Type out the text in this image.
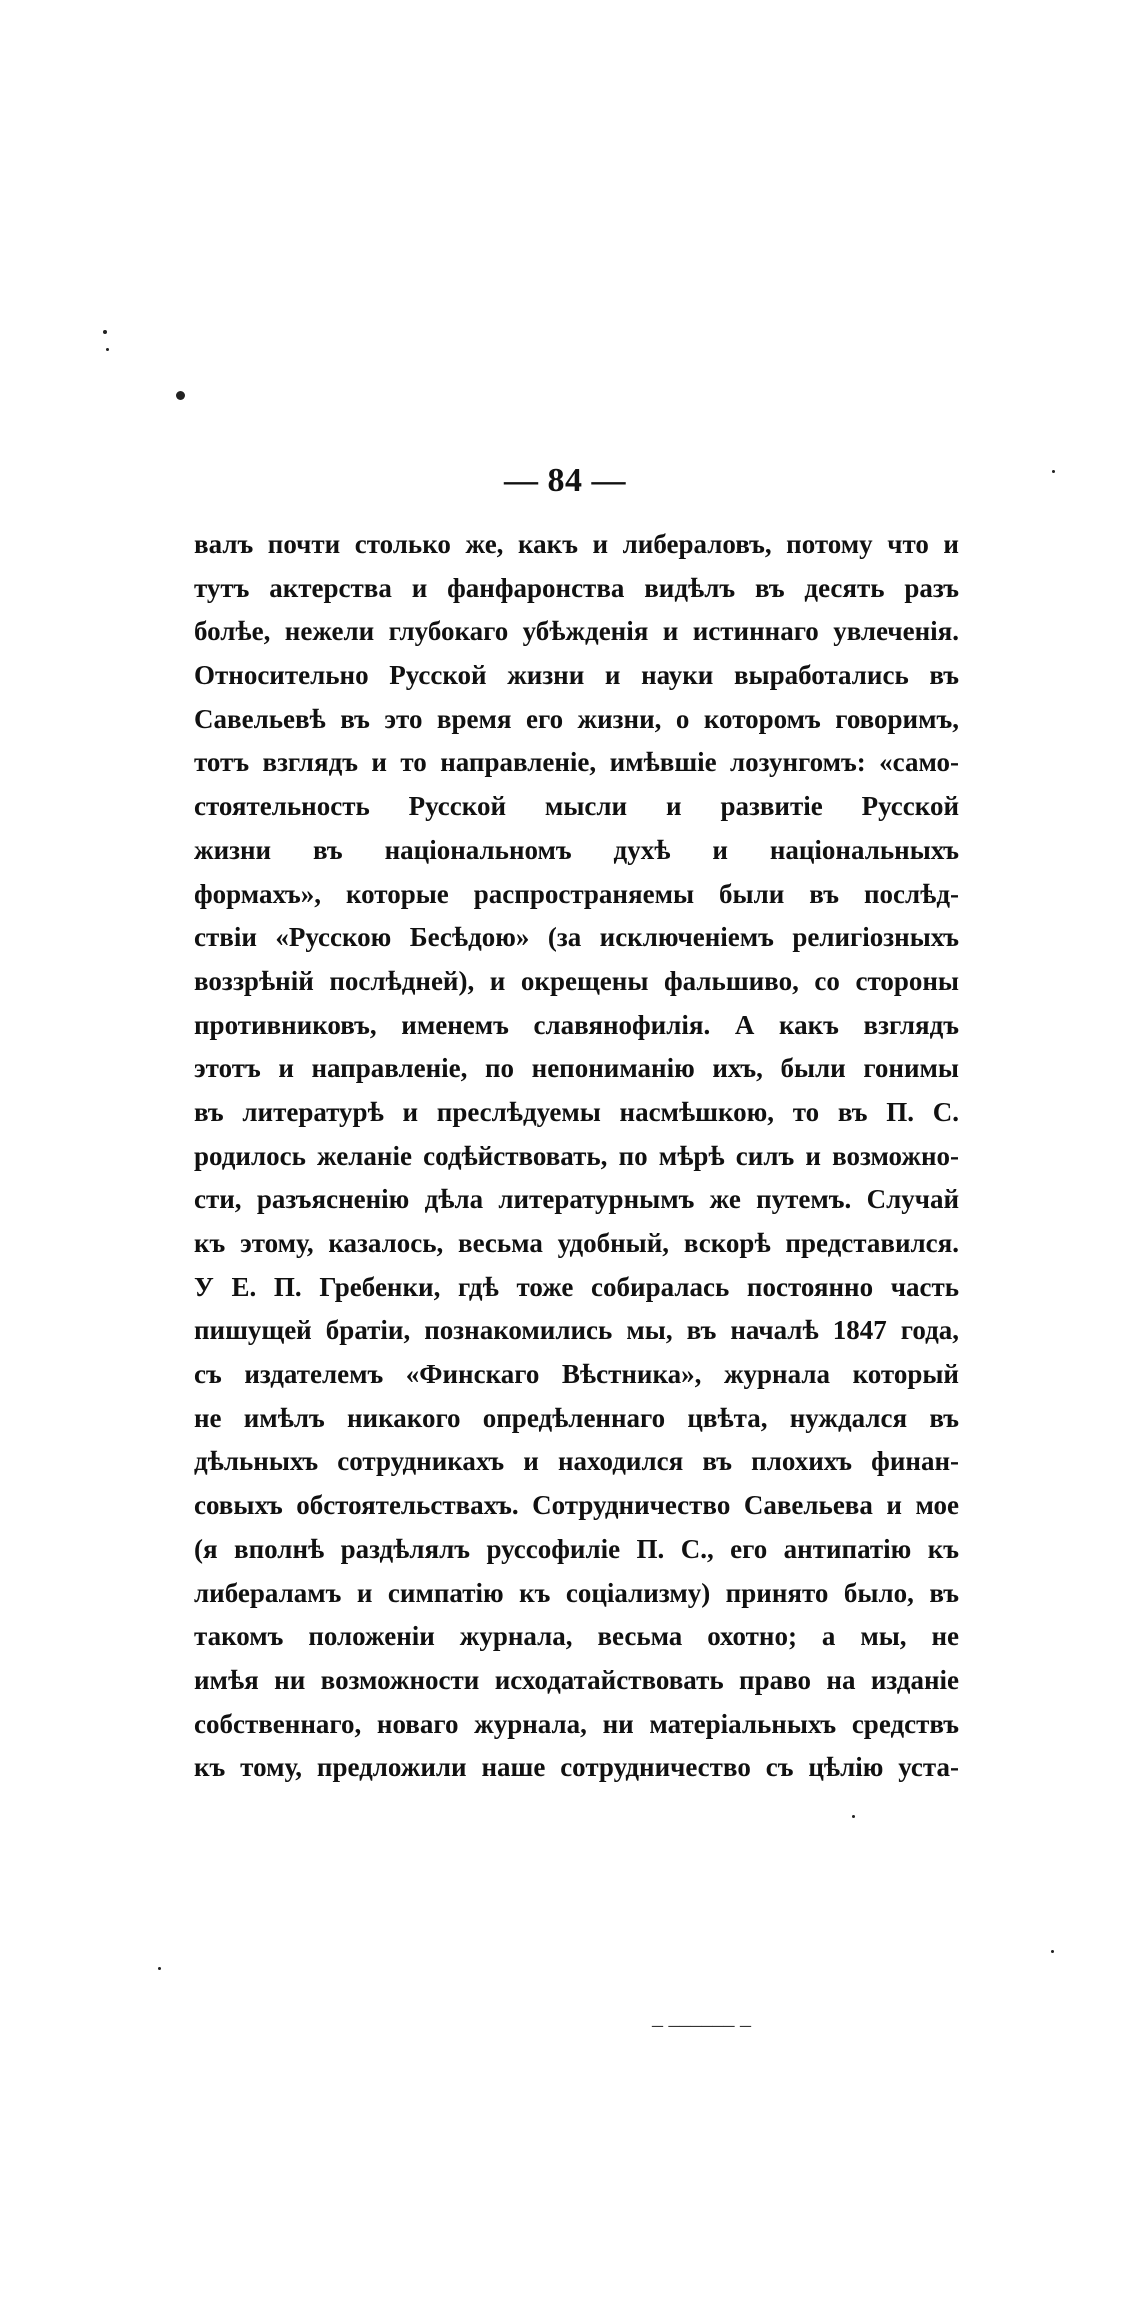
— 84 —
валъ почти столько же, какъ и либераловъ, потому что и
тутъ актерства и фанфаронства видѣлъ въ десять разъ
болѣе, нежели глубокаго убѣжденія и истиннаго увлеченія.
Относительно Русской жизни и науки выработались въ
Савельевѣ въ это время его жизни, о которомъ говоримъ,
тотъ взглядъ и то направленіе, имѣвшіе лозунгомъ: «само-
стоятельность Русской мысли и развитіе Русской
жизни въ національномъ духѣ и національныхъ
формахъ», которые распространяемы были въ послѣд-
ствіи «Русскою Бесѣдою» (за исключеніемъ религіозныхъ
воззрѣній послѣдней), и окрещены фальшиво, со стороны
противниковъ, именемъ славянофилія. А какъ взглядъ
этотъ и направленіе, по непониманію ихъ, были гонимы
въ литературѣ и преслѣдуемы насмѣшкою, то въ П. С.
родилось желаніе содѣйствовать, по мѣрѣ силъ и возможно-
сти, разъясненію дѣла литературнымъ же путемъ. Случай
къ этому, казалось, весьма удобный, вскорѣ представился.
У Е. П. Гребенки, гдѣ тоже собиралась постоянно часть
пишущей братіи, познакомились мы, въ началѣ 1847 года,
съ издателемъ «Финскаго Вѣстника», журнала который
не имѣлъ никакого опредѣленнаго цвѣта, нуждался въ
дѣльныхъ сотрудникахъ и находился въ плохихъ финан-
совыхъ обстоятельствахъ. Сотрудничество Савельева и мое
(я вполнѣ раздѣлялъ руссофиліе П. С., его антипатію къ
либераламъ и симпатію къ соціализму) принято было, въ
такомъ положеніи журнала, весьма охотно; а мы, не
имѣя ни возможности исходатайствовать право на изданіе
собственнаго, новаго журнала, ни матеріальныхъ средствъ
къ тому, предложили наше сотрудничество съ цѣлію уста-
_ ______ _
